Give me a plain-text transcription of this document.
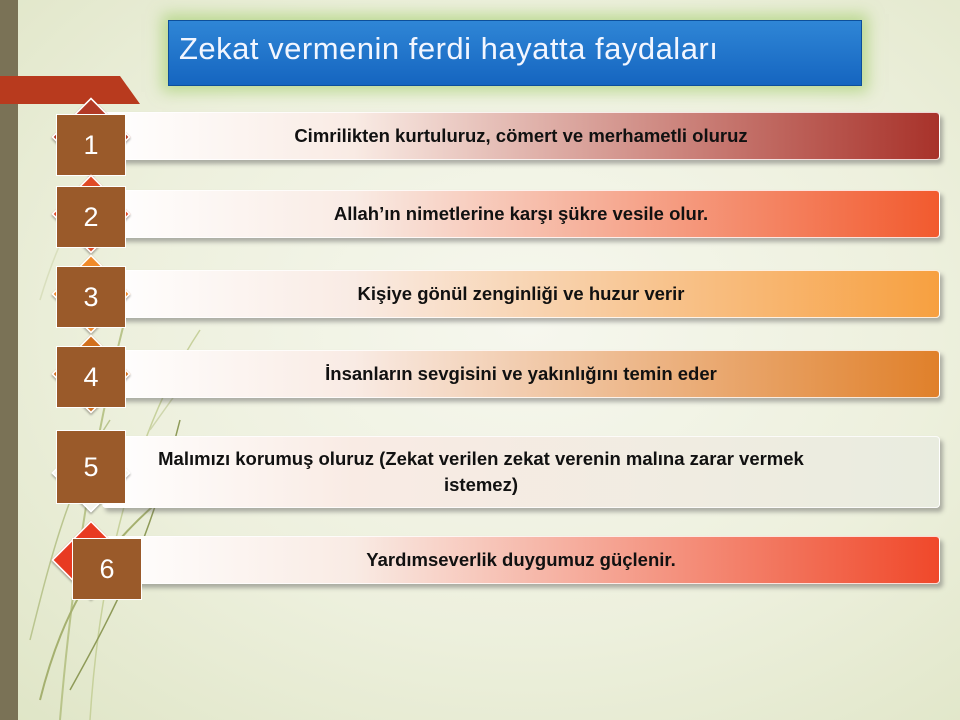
Zekat vermenin ferdi hayatta faydaları
Cimrilikten kurtuluruz, cömert ve merhametli oluruz
1
Allah’ın nimetlerine karşı şükre vesile olur.
2
Kişiye gönül zenginliği ve huzur verir
3
İnsanların sevgisini ve yakınlığını temin eder
4
Malımızı korumuş oluruz (Zekat verilen zekat verenin malına zarar vermek istemez)
5
Yardımseverlik duygumuz güçlenir.
6
